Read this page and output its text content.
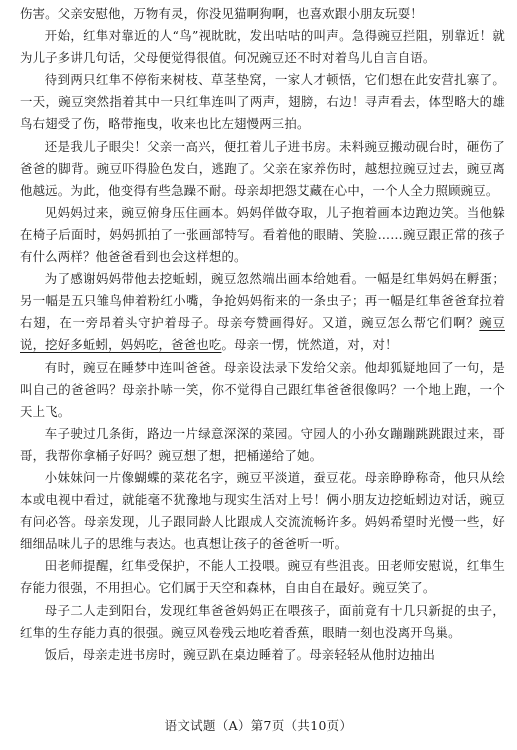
伤害。父亲安慰他，万物有灵，你没见猫啊狗啊，也喜欢跟小朋友玩耍！

开始，红隼对靠近的人“鸟”视眈眈，发出咕咕的叫声。急得豌豆拦阻，别靠近！就为儿子多讲几句话，父母便觉得很值。何况豌豆还不时对着鸟儿自言自语。

待到两只红隼不停衔来树枝、草茎垫窝，一家人才顿悟，它们想在此安营扎寨了。一天，豌豆突然指着其中一只红隼连叫了两声，翅膀，右边！寻声看去，体型略大的雄鸟右翅受了伤，略带拖曳，收来也比左翅慢两三拍。

还是我儿子眼尖！父亲一高兴，便扛着儿子进书房。未料豌豆搬动砚台时，砸伤了爸爸的脚背。豌豆吓得脸色发白，逃跑了。父亲在家养伤时，越想拉豌豆过去，豌豆离他越远。为此，他变得有些急躁不耐。母亲却把怨艾藏在心中，一个人全力照顾豌豆。

见妈妈过来，豌豆俯身压住画本。妈妈佯做夺取，儿子抱着画本边跑边笑。当他躲在椅子后面时，妈妈抓拍了一张画部特写。看着他的眼睛、笑脸……豌豆跟正常的孩子有什么两样？他爸爸看到也会这样想的。

为了感谢妈妈带他去挖蚯蚓，豌豆忽然端出画本给她看。一幅是红隼妈妈在孵蛋；另一幅是五只雏鸟伸着粉红小嘴，争抢妈妈衔来的一条虫子；再一幅是红隼爸爸耷拉着右翅，在一旁昂着头守护着母子。母亲夸赞画得好。又道，豌豆怎么帮它们啊？豌豆说，挖好多蚯蚓，妈妈吃，爸爸也吃。母亲一愣，恍然道，对，对！

有时，豌豆在睡梦中连叫爸爸。母亲设法录下发给父亲。他却狐疑地回了一句，是叫自己的爸爸吗？母亲扑哧一笑，你不觉得自己跟红隼爸爸很像吗？一个地上跑，一个天上飞。

车子驶过几条街，路边一片绿意深深的菜园。守园人的小孙女蹦蹦跳跳跟过来，哥哥，我帮你拿桶子好吗？豌豆想了想，把桶递给了她。

小妹妹问一片像蝴蝶的菜花名字，豌豆平淡道，蚕豆花。母亲睁睁称奇，他只从绘本或电视中看过，就能毫不犹豫地与现实生活对上号！俩小朋友边挖蚯蚓边对话，豌豆有问必答。母亲发现，儿子跟同龄人比跟成人交流流畅许多。妈妈希望时光慢一些，好细细品味儿子的思维与表达。也真想让孩子的爸爸听一听。

田老师提醒，红隼受保护，不能人工投喂。豌豆有些沮丧。田老师安慰说，红隼生存能力很强，不用担心。它们属于天空和森林，自由自在最好。豌豆笑了。

母子二人走到阳台，发现红隼爸爸妈妈正在喂孩子，面前竟有十几只新捉的虫子，红隼的生存能力真的很强。豌豆风卷残云地吃着香蕉，眼睛一刻也没离开鸟巢。

饭后，母亲走进书房时，豌豆趴在桌边睡着了。母亲轻轻从他肘边抽出

语文试题（A）第7页（共10页）
